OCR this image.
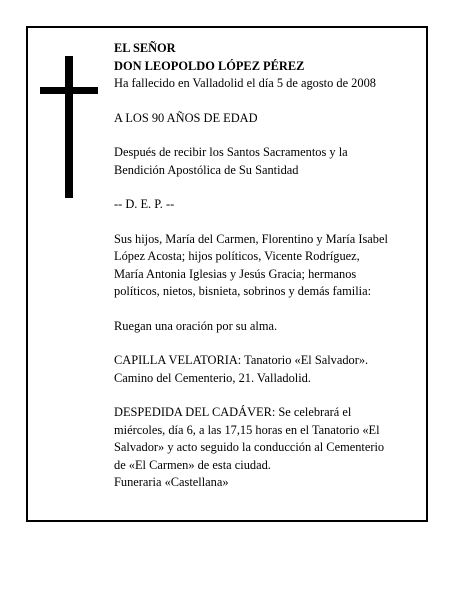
EL SEÑOR
DON LEOPOLDO LÓPEZ PÉREZ
Ha fallecido en Valladolid el día 5 de agosto de 2008

A LOS 90 AÑOS DE EDAD

Después de recibir los Santos Sacramentos y la
Bendición Apostólica de Su Santidad

-- D. E. P. --

Sus hijos, María del Carmen, Florentino y María Isabel
López Acosta; hijos políticos, Vicente Rodríguez,
María Antonia Iglesias y Jesús Gracia; hermanos
políticos, nietos, bisnieta, sobrinos y demás familia:

Ruegan una oración por su alma.

CAPILLA VELATORIA: Tanatorio «El Salvador».
Camino del Cementerio, 21. Valladolid.

DESPEDIDA DEL CADÁVER: Se celebrará el
miércoles, día 6, a las 17,15 horas en el Tanatorio «El
Salvador» y acto seguido la conducción al Cementerio
de «El Carmen» de esta ciudad.
Funeraria «Castellana»
